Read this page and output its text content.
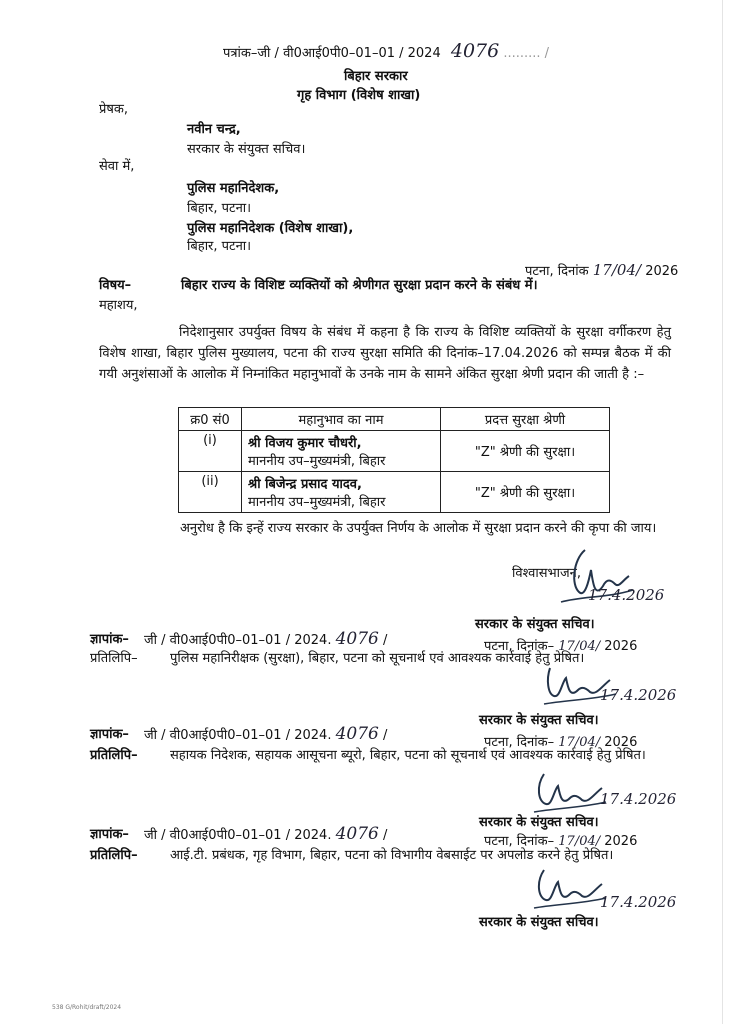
पत्रांक–जी / वी0आई0पी0–01–01 / 2024 4076 ......... /
बिहार सरकार
गृह विभाग (विशेष शाखा)
प्रेषक,
नवीन चन्द्र,
सरकार के संयुक्त सचिव।
सेवा में,
पुलिस महानिदेशक,
बिहार, पटना।
पुलिस महानिदेशक (विशेष शाखा),
बिहार, पटना।
पटना, दिनांक 17/04/ 2026
विषय–	बिहार राज्य के विशिष्ट व्यक्तियों को श्रेणीगत सुरक्षा प्रदान करने के संबंध में।
महाशय,
निदेशानुसार उपर्युक्त विषय के संबंध में कहना है कि राज्य के विशिष्ट व्यक्तियों के सुरक्षा वर्गीकरण हेतु विशेष शाखा, बिहार पुलिस मुख्यालय, पटना की राज्य सुरक्षा समिति की दिनांक–17.04.2026 को सम्पन्न बैठक में की गयी अनुशंसाओं के आलोक में निम्नांकित महानुभावों के उनके नाम के सामने अंकित सुरक्षा श्रेणी प्रदान की जाती है :–
क्र0 सं0	महानुभाव का नाम	प्रदत्त सुरक्षा श्रेणी
(i)	श्री विजय कुमार चौधरी,
माननीय उप–मुख्यमंत्री, बिहार	"Z" श्रेणी की सुरक्षा।
(ii)	श्री बिजेन्द्र प्रसाद यादव,
माननीय उप–मुख्यमंत्री, बिहार	"Z" श्रेणी की सुरक्षा।
अनुरोध है कि इन्हें राज्य सरकार के उपर्युक्त निर्णय के आलोक में सुरक्षा प्रदान करने की कृपा की जाय।
विश्वासभाजन,
17.4.2026
सरकार के संयुक्त सचिव।
ज्ञापांक– जी / वी0आई0पी0–01–01 / 2024. 4076 /	पटना, दिनांक– 17/04/ 2026
प्रतिलिपि– पुलिस महानिरीक्षक (सुरक्षा), बिहार, पटना को सूचनार्थ एवं आवश्यक कार्रवाई हेतु प्रेषित।
17.4.2026
सरकार के संयुक्त सचिव।
ज्ञापांक– जी / वी0आई0पी0–01–01 / 2024. 4076 /	पटना, दिनांक– 17/04/ 2026
प्रतिलिपि– सहायक निदेशक, सहायक आसूचना ब्यूरो, बिहार, पटना को सूचनार्थ एवं आवश्यक कार्रवाई हेतु प्रेषित।
17.4.2026
सरकार के संयुक्त सचिव।
ज्ञापांक– जी / वी0आई0पी0–01–01 / 2024. 4076 /	पटना, दिनांक– 17/04/ 2026
प्रतिलिपि– आई.टी. प्रबंधक, गृह विभाग, बिहार, पटना को विभागीय वेबसाईट पर अपलोड करने हेतु प्रेषित।
17.4.2026
सरकार के संयुक्त सचिव।
538 G/Rohit/draft/2024
